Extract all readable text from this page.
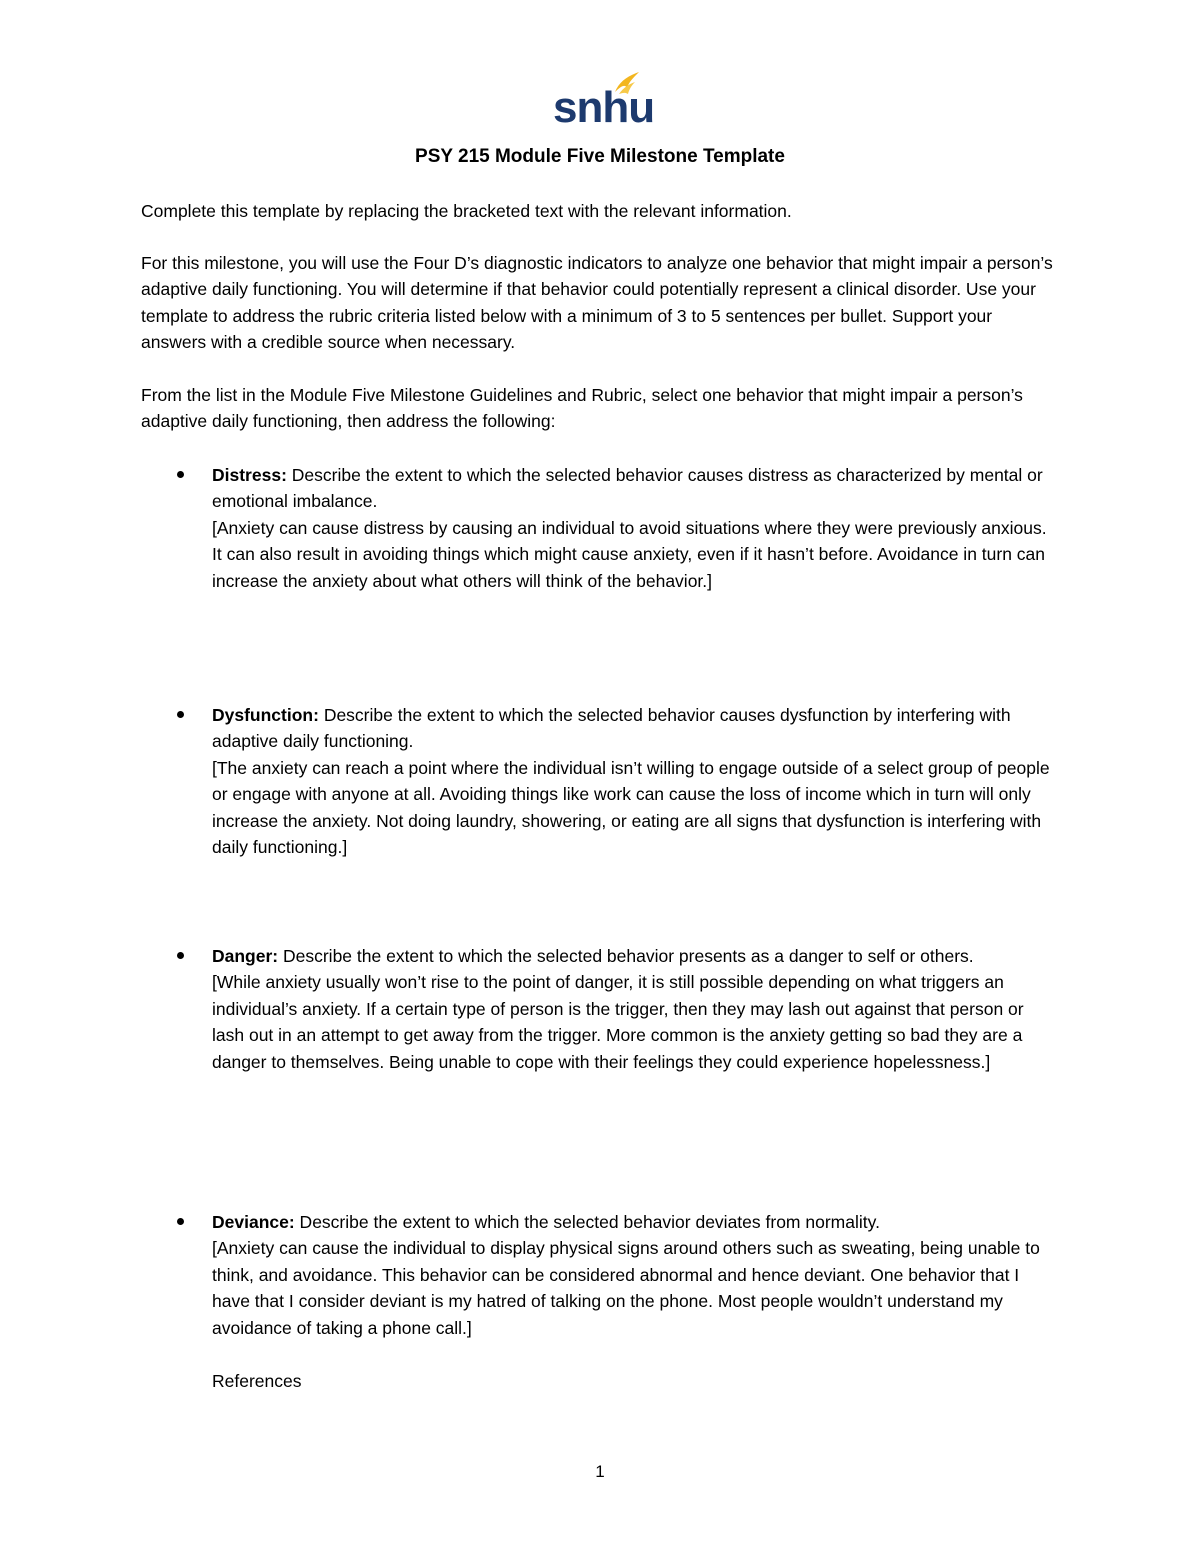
snhu
PSY 215 Module Five Milestone Template

Complete this template by replacing the bracketed text with the relevant information.

For this milestone, you will use the Four D’s diagnostic indicators to analyze one behavior that might impair a person’s adaptive daily functioning. You will determine if that behavior could potentially represent a clinical disorder. Use your template to address the rubric criteria listed below with a minimum of 3 to 5 sentences per bullet. Support your answers with a credible source when necessary.

From the list in the Module Five Milestone Guidelines and Rubric, select one behavior that might impair a person’s adaptive daily functioning, then address the following:

Distress: Describe the extent to which the selected behavior causes distress as characterized by mental or emotional imbalance.
[Anxiety can cause distress by causing an individual to avoid situations where they were previously anxious. It can also result in avoiding things which might cause anxiety, even if it hasn’t before. Avoidance in turn can increase the anxiety about what others will think of the behavior.]
Dysfunction: Describe the extent to which the selected behavior causes dysfunction by interfering with adaptive daily functioning.
[The anxiety can reach a point where the individual isn’t willing to engage outside of a select group of people or engage with anyone at all. Avoiding things like work can cause the loss of income which in turn will only increase the anxiety. Not doing laundry, showering, or eating are all signs that dysfunction is interfering with daily functioning.]
Danger: Describe the extent to which the selected behavior presents as a danger to self or others.
[While anxiety usually won’t rise to the point of danger, it is still possible depending on what triggers an individual’s anxiety. If a certain type of person is the trigger, then they may lash out against that person or lash out in an attempt to get away from the trigger. More common is the anxiety getting so bad they are a danger to themselves. Being unable to cope with their feelings they could experience hopelessness.]
Deviance: Describe the extent to which the selected behavior deviates from normality.
[Anxiety can cause the individual to display physical signs around others such as sweating, being unable to think, and avoidance. This behavior can be considered abnormal and hence deviant. One behavior that I have that I consider deviant is my hatred of talking on the phone. Most people wouldn’t understand my avoidance of taking a phone call.]
References
1
